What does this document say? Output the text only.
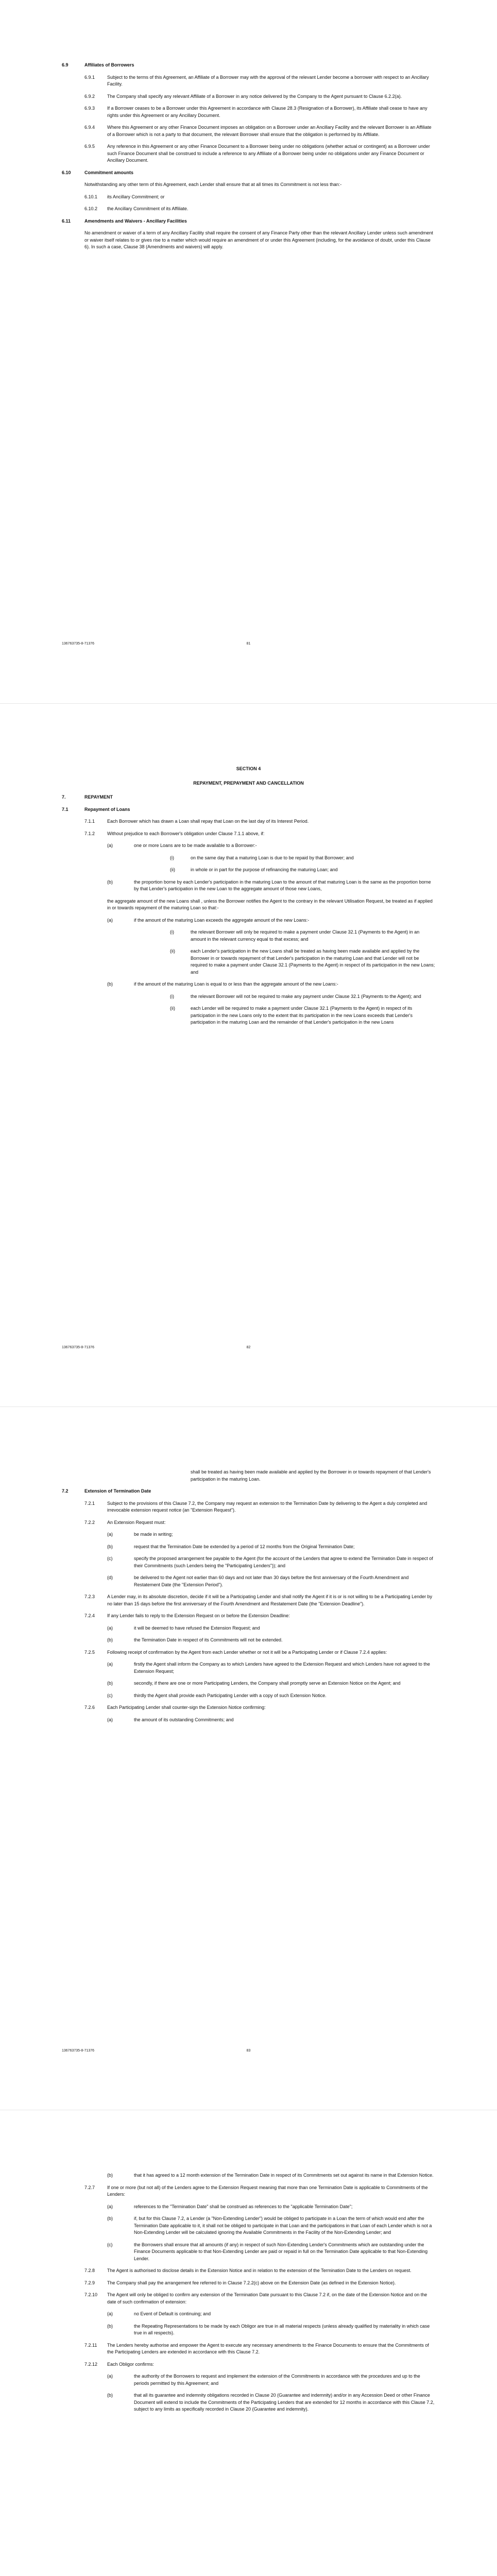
6.9	Affiliates of Borrowers
6.9.1	Subject to the terms of this Agreement, an Affiliate of a Borrower may with the approval of the relevant Lender become a borrower with respect to an Ancillary Facility.
6.9.2	The Company shall specify any relevant Affiliate of a Borrower in any notice delivered by the Company to the Agent pursuant to Clause 6.2.2(a).
6.9.3	If a Borrower ceases to be a Borrower under this Agreement in accordance with Clause 28.3 (Resignation of a Borrower), its Affiliate shall cease to have any rights under this Agreement or any Ancillary Document.
6.9.4	Where this Agreement or any other Finance Document imposes an obligation on a Borrower under an Ancillary Facility and the relevant Borrower is an Affiliate of a Borrower which is not a party to that document, the relevant Borrower shall ensure that the obligation is performed by its Affiliate.
6.9.5	Any reference in this Agreement or any other Finance Document to a Borrower being under no obligations (whether actual or contingent) as a Borrower under such Finance Document shall be construed to include a reference to any Affiliate of a Borrower being under no obligations under any Finance Document or Ancillary Document.
6.10	Commitment amounts
Notwithstanding any other term of this Agreement, each Lender shall ensure that at all times its Commitment is not less than:-
6.10.1	its Ancillary Commitment; or
6.10.2	the Ancillary Commitment of its Affiliate.
6.11	Amendments and Waivers - Ancillary Facilities
No amendment or waiver of a term of any Ancillary Facility shall require the consent of any Finance Party other than the relevant Ancillary Lender unless such amendment or waiver itself relates to or gives rise to a matter which would require an amendment of or under this Agreement (including, for the avoidance of doubt, under this Clause 6). In such a case, Clause 38 (Amendments and waivers) will apply.
136763735-8-71376	81
SECTION 4
REPAYMENT, PREPAYMENT AND CANCELLATION
7.	REPAYMENT
7.1	Repayment of Loans
7.1.1	Each Borrower which has drawn a Loan shall repay that Loan on the last day of its Interest Period.
7.1.2	Without prejudice to each Borrower's obligation under Clause 7.1.1 above, if:
(a)	one or more Loans are to be made available to a Borrower:-
(i)	on the same day that a maturing Loan is due to be repaid by that Borrower; and
(ii)	in whole or in part for the purpose of refinancing the maturing Loan; and
(b)	the proportion borne by each Lender's participation in the maturing Loan to the amount of that maturing Loan is the same as the proportion borne by that Lender's participation in the new Loan to the aggregate amount of those new Loans,
the aggregate amount of the new Loans shall , unless the Borrower notifies the Agent to the contrary in the relevant Utilisation Request, be treated as if applied in or towards repayment of the maturing Loan so that:-
(a)	if the amount of the maturing Loan exceeds the aggregate amount of the new Loans:-
(i)	the relevant Borrower will only be required to make a payment under Clause 32.1 (Payments to the Agent) in an amount in the relevant currency equal to that excess; and
(ii)	each Lender's participation in the new Loans shall be treated as having been made available and applied by the Borrower in or towards repayment of that Lender's participation in the maturing Loan and that Lender will not be required to make a payment under Clause 32.1 (Payments to the Agent) in respect of its participation in the new Loans; and
(b)	if the amount of the maturing Loan is equal to or less than the aggregate amount of the new Loans:-
(i)	the relevant Borrower will not be required to make any payment under Clause 32.1 (Payments to the Agent); and
(ii)	each Lender will be required to make a payment under Clause 32.1 (Payments to the Agent) in respect of its participation in the new Loans only to the extent that its participation in the new Loans exceeds that Lender's participation in the maturing Loan and the remainder of that Lender's participation in the new Loans
136763735-8-71376	82
shall be treated as having been made available and applied by the Borrower in or towards repayment of that Lender's participation in the maturing Loan.
7.2	Extension of Termination Date
7.2.1	Subject to the provisions of this Clause 7.2, the Company may request an extension to the Termination Date by delivering to the Agent a duly completed and irrevocable extension request notice (an "Extension Request").
7.2.2	An Extension Request must:
(a)	be made in writing;
(b)	request that the Termination Date be extended by a period of 12 months from the Original Termination Date;
(c)	specify the proposed arrangement fee payable to the Agent (for the account of the Lenders that agree to extend the Termination Date in respect of their Commitments (such Lenders being the "Participating Lenders")); and
(d)	be delivered to the Agent not earlier than 60 days and not later than 30 days before the first anniversary of the Fourth Amendment and Restatement Date (the "Extension Period").
7.2.3	A Lender may, in its absolute discretion, decide if it will be a Participating Lender and shall notify the Agent if it is or is not willing to be a Participating Lender by no later than 15 days before the first anniversary of the Fourth Amendment and Restatement Date (the "Extension Deadline").
7.2.4	If any Lender fails to reply to the Extension Request on or before the Extension Deadline:
(a)	it will be deemed to have refused the Extension Request; and
(b)	the Termination Date in respect of its Commitments will not be extended.
7.2.5	Following receipt of confirmation by the Agent from each Lender whether or not it will be a Participating Lender or if Clause 7.2.4 applies:
(a)	firstly the Agent shall inform the Company as to which Lenders have agreed to the Extension Request and which Lenders have not agreed to the Extension Request;
(b)	secondly, if there are one or more Participating Lenders, the Company shall promptly serve an Extension Notice on the Agent; and
(c)	thirdly the Agent shall provide each Participating Lender with a copy of such Extension Notice.
7.2.6	Each Participating Lender shall counter-sign the Extension Notice confirming:
(a)	the amount of its outstanding Commitments; and
136763735-8-71376	83
(b)	that it has agreed to a 12 month extension of the Termination Date in respect of its Commitments set out against its name in that Extension Notice.
7.2.7	If one or more (but not all) of the Lenders agree to the Extension Request meaning that more than one Termination Date is applicable to Commitments of the Lenders:
(a)	references to the "Termination Date" shall be construed as references to the "applicable Termination Date";
(b)	if, but for this Clause 7.2, a Lender (a "Non-Extending Lender") would be obliged to participate in a Loan the term of which would end after the Termination Date applicable to it, it shall not be obliged to participate in that Loan and the participations in that Loan of each Lender which is not a Non-Extending Lender will be calculated ignoring the Available Commitments in the Facility of the Non-Extending Lender; and
(c)	the Borrowers shall ensure that all amounts (if any) in respect of such Non-Extending Lender's Commitments which are outstanding under the Finance Documents applicable to that Non-Extending Lender are paid or repaid in full on the Termination Date applicable to that Non-Extending Lender.
7.2.8	The Agent is authorised to disclose details in the Extension Notice and in relation to the extension of the Termination Date to the Lenders on request.
7.2.9	The Company shall pay the arrangement fee referred to in Clause 7.2.2(c) above on the Extension Date (as defined in the Extension Notice).
7.2.10	The Agent will only be obliged to confirm any extension of the Termination Date pursuant to this Clause 7.2 if, on the date of the Extension Notice and on the date of such confirmation of extension:
(a)	no Event of Default is continuing; and
(b)	the Repeating Representations to be made by each Obligor are true in all material respects (unless already qualified by materiality in which case true in all respects).
7.2.11	The Lenders hereby authorise and empower the Agent to execute any necessary amendments to the Finance Documents to ensure that the Commitments of the Participating Lenders are extended in accordance with this Clause 7.2.
7.2.12	Each Obligor confirms:
(a)	the authority of the Borrowers to request and implement the extension of the Commitments in accordance with the procedures and up to the periods permitted by this Agreement; and
(b)	that all its guarantee and indemnity obligations recorded in Clause 20 (Guarantee and indemnity) and/or in any Accession Deed or other Finance Document will extend to include the Commitments of the Participating Lenders that are extended for 12 months in accordance with this Clause 7.2, subject to any limits as specifically recorded in Clause 20 (Guarantee and indemnity).
